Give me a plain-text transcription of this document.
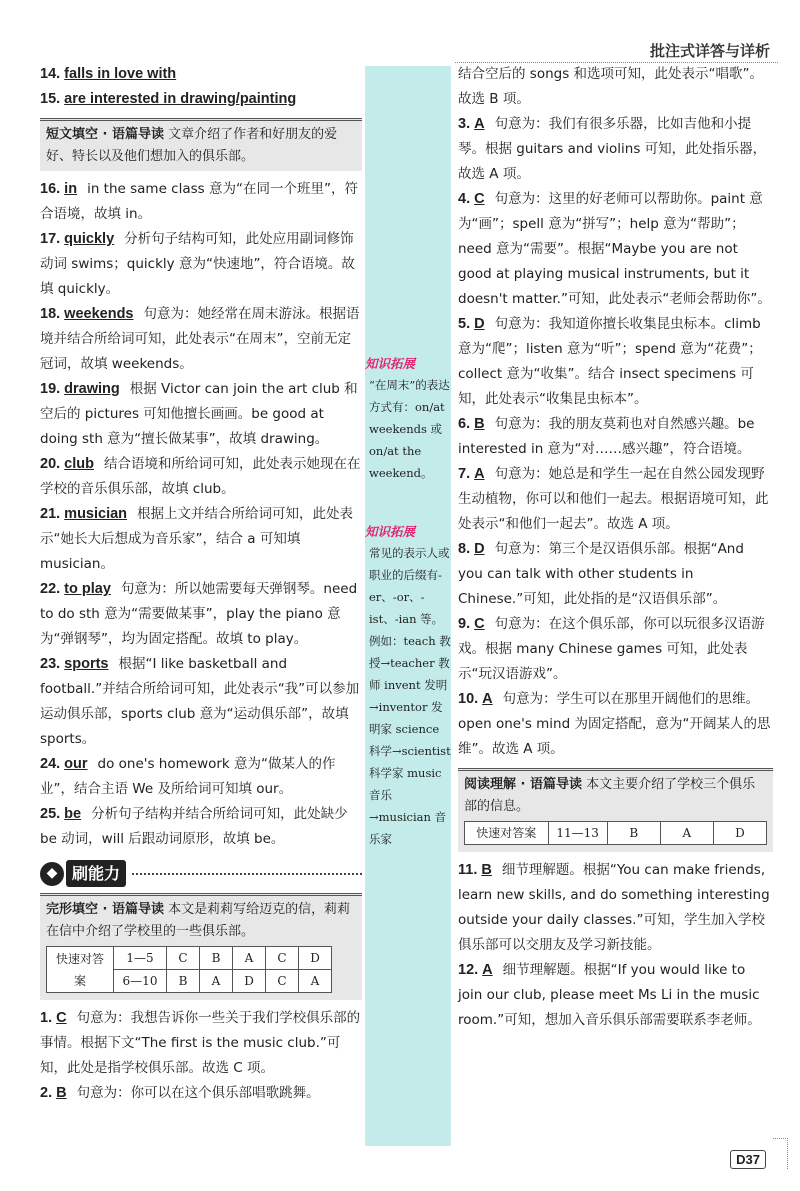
批注式详答与详析

14. falls in love with

15. are interested in drawing/painting

短文填空 · 语篇导读 文章介绍了作者和好朋友的爱好、特长以及他们想加入的俱乐部。

16. in in the same class 意为“在同一个班里”，符合语境，故填 in。

17. quickly 分析句子结构可知，此处应用副词修饰动词 swims；quickly 意为“快速地”，符合语境。故填 quickly。

18. weekends 句意为：她经常在周末游泳。根据语境并结合所给词可知，此处表示“在周末”，空前无定冠词，故填 weekends。

19. drawing 根据 Victor can join the art club 和空后的 pictures 可知他擅长画画。be good at doing sth 意为“擅长做某事”，故填 drawing。

20. club 结合语境和所给词可知，此处表示她现在在学校的音乐俱乐部，故填 club。

21. musician 根据上文并结合所给词可知，此处表示“她长大后想成为音乐家”，结合 a 可知填 musician。

22. to play 句意为：所以她需要每天弹钢琴。need to do sth 意为“需要做某事”，play the piano 意为“弹钢琴”，均为固定搭配。故填 to play。

23. sports 根据“I like basketball and football.”并结合所给词可知，此处表示“我”可以参加运动俱乐部，sports club 意为“运动俱乐部”，故填 sports。

24. our do one's homework 意为“做某人的作业”，结合主语 We 及所给词可知填 our。

25. be 分析句子结构并结合所给词可知，此处缺少 be 动词，will 后跟动词原形，故填 be。

◆ 刷能力
完形填空 · 语篇导读 本文是莉莉写给迈克的信，莉莉在信中介绍了学校里的一些俱乐部。
快速对答案	1—5	C	B	A	C	D
	6—10	B	A	D	C	A

1. C 句意为：我想告诉你一些关于我们学校俱乐部的事情。根据下文“The first is the music club.”可知，此处是指学校俱乐部。故选 C 项。

2. B 句意为：你可以在这个俱乐部唱歌跳舞。

知识拓展
“在周末”的表达方式有：on/at weekends 或 on/at the weekend。
知识拓展
常见的表示人或职业的后缀有-er、-or、-ist、-ian 等。例如：teach 教授→teacher 教师 invent 发明→inventor 发明家 science 科学→scientist 科学家 music 音乐→musician 音乐家

结合空后的 songs 和选项可知，此处表示“唱歌”。故选 B 项。

3. A 句意为：我们有很多乐器，比如吉他和小提琴。根据 guitars and violins 可知，此处指乐器，故选 A 项。

4. C 句意为：这里的好老师可以帮助你。paint 意为“画”；spell 意为“拼写”；help 意为“帮助”；need 意为“需要”。根据“Maybe you are not good at playing musical instruments, but it doesn't matter.”可知，此处表示“老师会帮助你”。

5. D 句意为：我知道你擅长收集昆虫标本。climb 意为“爬”；listen 意为“听”；spend 意为“花费”；collect 意为“收集”。结合 insect specimens 可知，此处表示“收集昆虫标本”。

6. B 句意为：我的朋友莫莉也对自然感兴趣。be interested in 意为“对……感兴趣”，符合语境。

7. A 句意为：她总是和学生一起在自然公园发现野生动植物，你可以和他们一起去。根据语境可知，此处表示“和他们一起去”。故选 A 项。

8. D 句意为：第三个是汉语俱乐部。根据“And you can talk with other students in Chinese.”可知，此处指的是“汉语俱乐部”。

9. C 句意为：在这个俱乐部，你可以玩很多汉语游戏。根据 many Chinese games 可知，此处表示“玩汉语游戏”。

10. A 句意为：学生可以在那里开阔他们的思维。open one's mind 为固定搭配，意为“开阔某人的思维”。故选 A 项。

阅读理解 · 语篇导读 本文主要介绍了学校三个俱乐部的信息。
快速对答案	11—13	B	A	D

11. B 细节理解题。根据“You can make friends, learn new skills, and do something interesting outside your daily classes.”可知，学生加入学校俱乐部可以交朋友及学习新技能。

12. A 细节理解题。根据“If you would like to join our club, please meet Ms Li in the music room.”可知，想加入音乐俱乐部需要联系李老师。

D37
